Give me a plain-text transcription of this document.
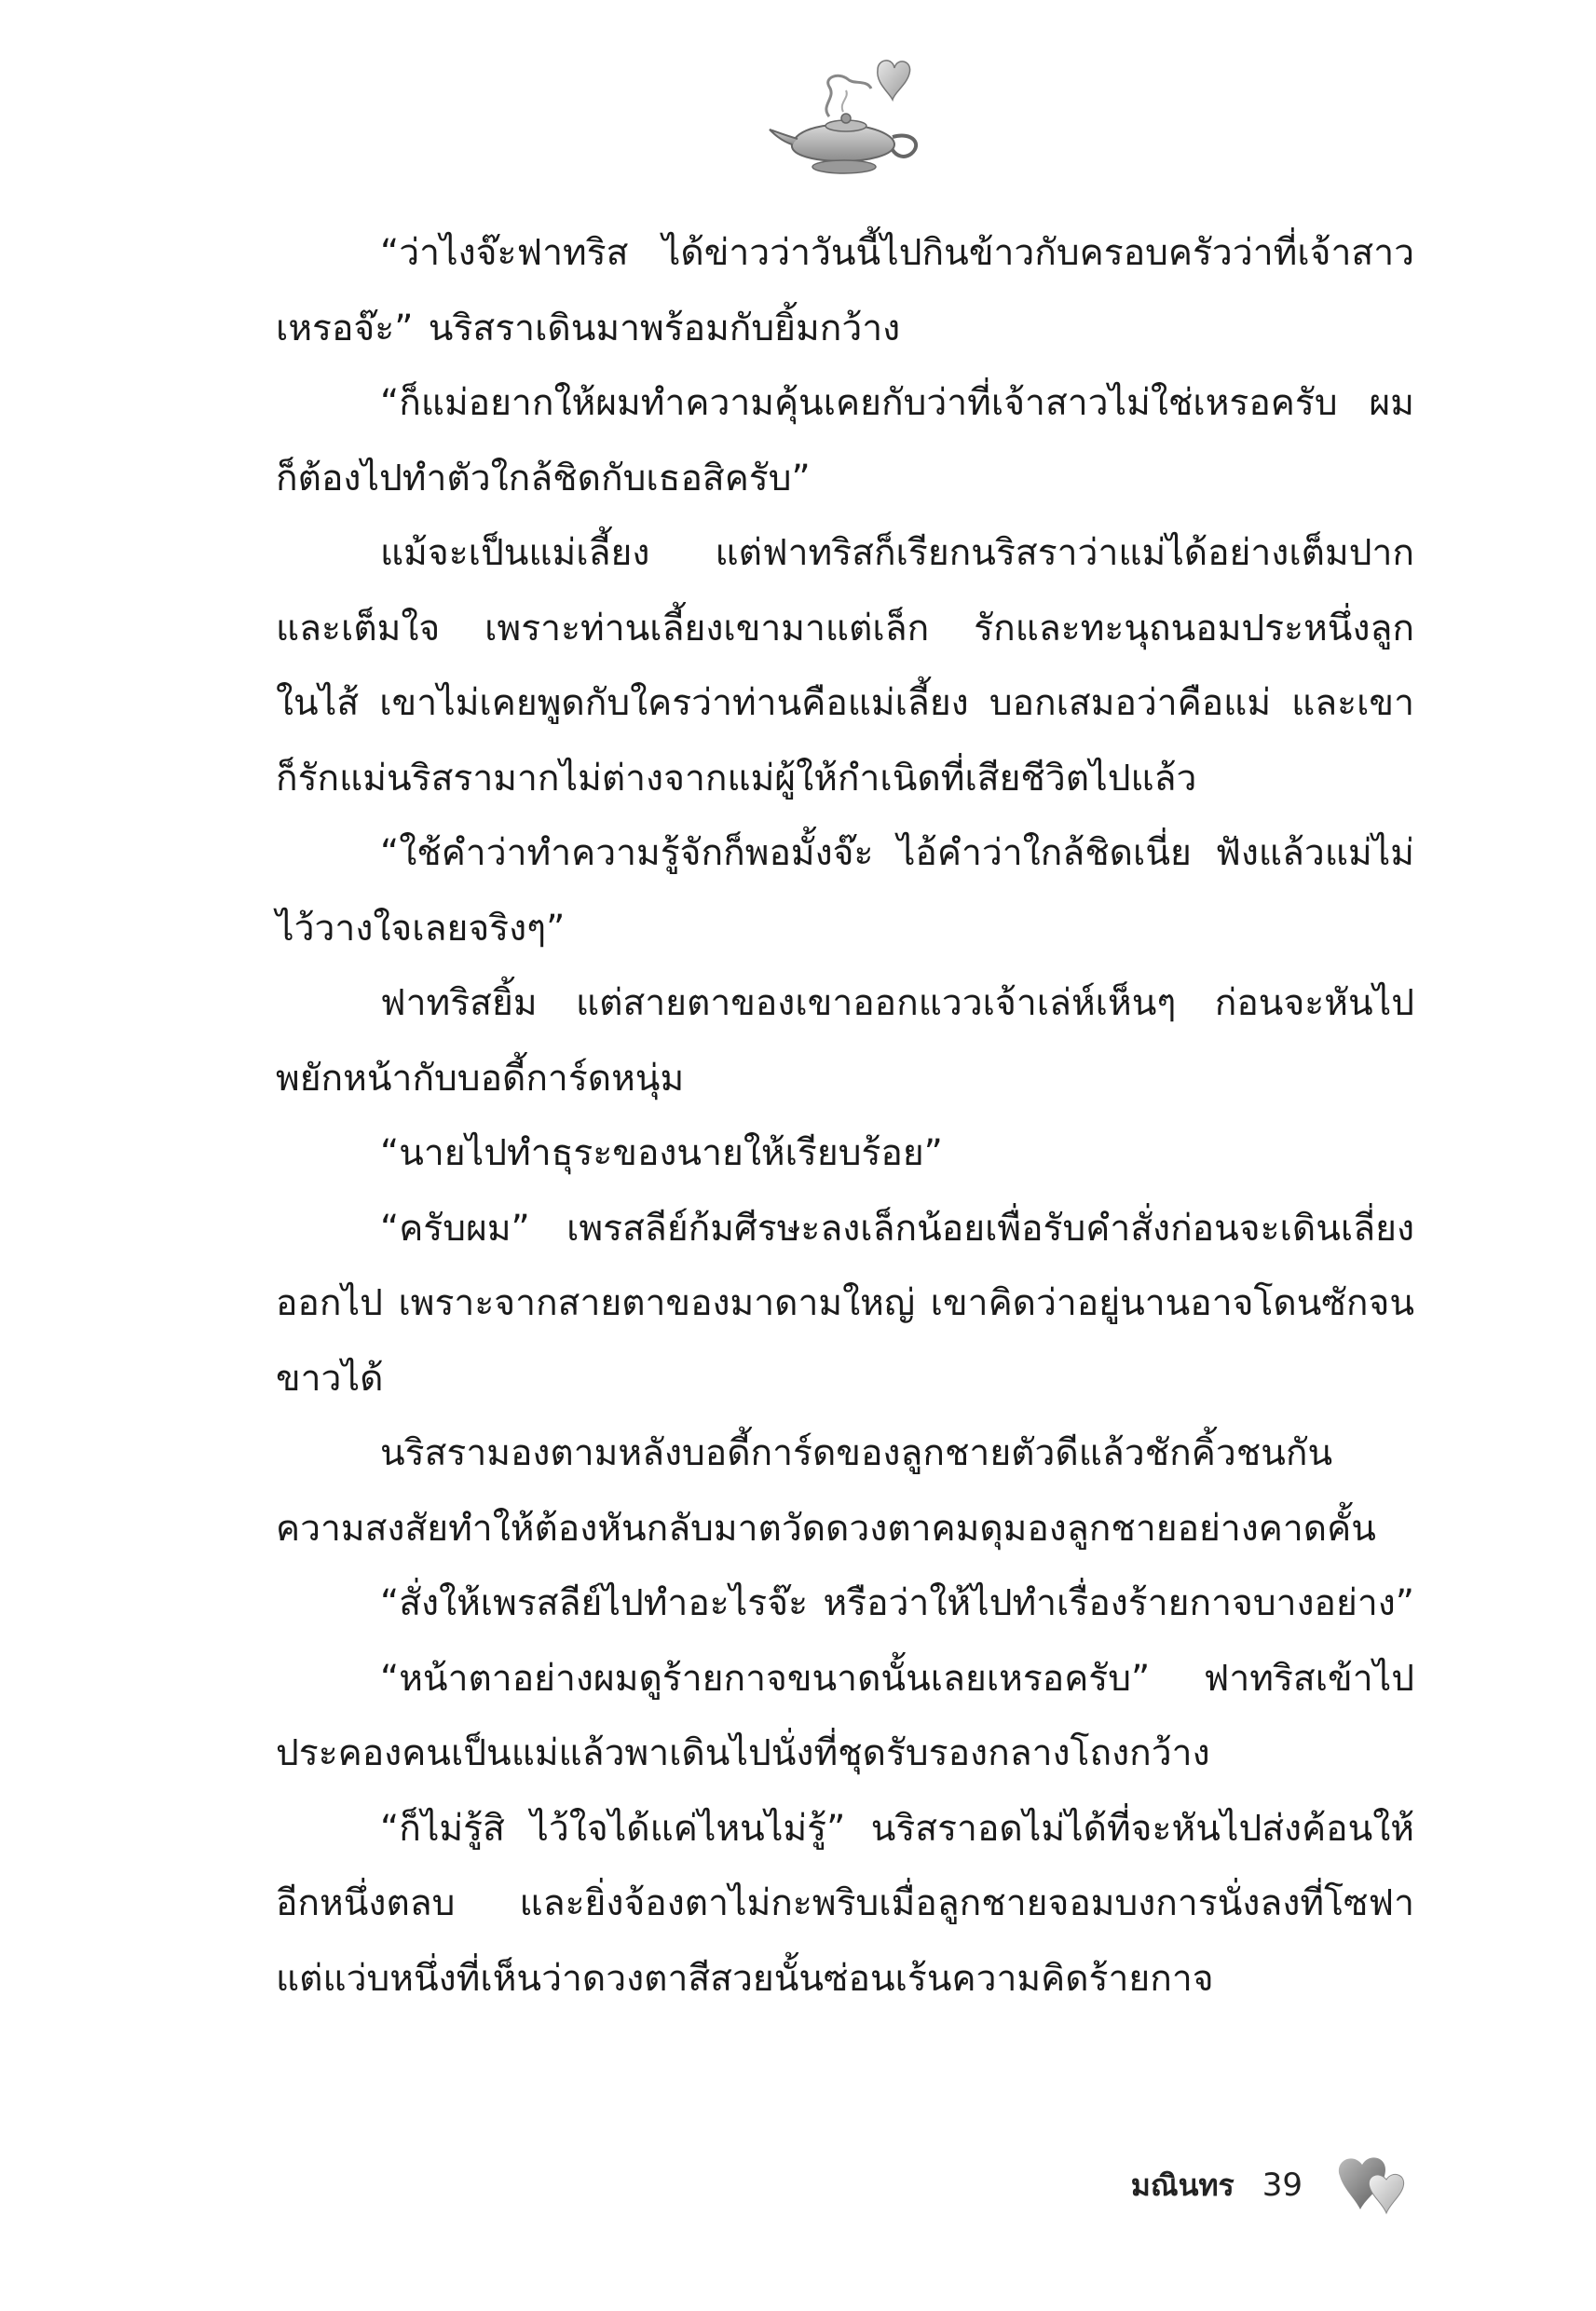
“ว่าไงจ๊ะฟาทริส ได้ข่าวว่าวันนี้ไปกินข้าวกับครอบครัวว่าที่เจ้าสาวเหรอจ๊ะ” นริสราเดินมาพร้อมกับยิ้มกว้าง

“ก็แม่อยากให้ผมทำความคุ้นเคยกับว่าที่เจ้าสาวไม่ใช่เหรอครับ ผมก็ต้องไปทำตัวใกล้ชิดกับเธอสิครับ”

แม้จะเป็นแม่เลี้ยง แต่ฟาทริสก็เรียกนริสราว่าแม่ได้อย่างเต็มปากและเต็มใจ เพราะท่านเลี้ยงเขามาแต่เล็ก รักและทะนุถนอมประหนึ่งลูกในไส้ เขาไม่เคยพูดกับใครว่าท่านคือแม่เลี้ยง บอกเสมอว่าคือแม่ และเขาก็รักแม่นริสรามากไม่ต่างจากแม่ผู้ให้กำเนิดที่เสียชีวิตไปแล้ว

“ใช้คำว่าทำความรู้จักก็พอมั้งจ๊ะ ไอ้คำว่าใกล้ชิดเนี่ย ฟังแล้วแม่ไม่ไว้วางใจเลยจริงๆ”

ฟาทริสยิ้ม แต่สายตาของเขาออกแววเจ้าเล่ห์เห็นๆ ก่อนจะหันไปพยักหน้ากับบอดี้การ์ดหนุ่ม

“นายไปทำธุระของนายให้เรียบร้อย”

“ครับผม” เพรสลีย์ก้มศีรษะลงเล็กน้อยเพื่อรับคำสั่งก่อนจะเดินเลี่ยงออกไป เพราะจากสายตาของมาดามใหญ่ เขาคิดว่าอยู่นานอาจโดนซักจนขาวได้

นริสรามองตามหลังบอดี้การ์ดของลูกชายตัวดีแล้วชักคิ้วชนกัน ความสงสัยทำให้ต้องหันกลับมาตวัดดวงตาคมดุมองลูกชายอย่างคาดคั้น

“สั่งให้เพรสลีย์ไปทำอะไรจ๊ะ หรือว่าให้ไปทำเรื่องร้ายกาจบางอย่าง”

“หน้าตาอย่างผมดูร้ายกาจขนาดนั้นเลยเหรอครับ” ฟาทริสเข้าไปประคองคนเป็นแม่แล้วพาเดินไปนั่งที่ชุดรับรองกลางโถงกว้าง

“ก็ไม่รู้สิ ไว้ใจได้แค่ไหนไม่รู้” นริสราอดไม่ได้ที่จะหันไปส่งค้อนให้อีกหนึ่งตลบ และยิ่งจ้องตาไม่กะพริบเมื่อลูกชายจอมบงการนั่งลงที่โซฟา แต่แว่บหนึ่งที่เห็นว่าดวงตาสีสวยนั้นซ่อนเร้นความคิดร้ายกาจ

มณินทร 39
